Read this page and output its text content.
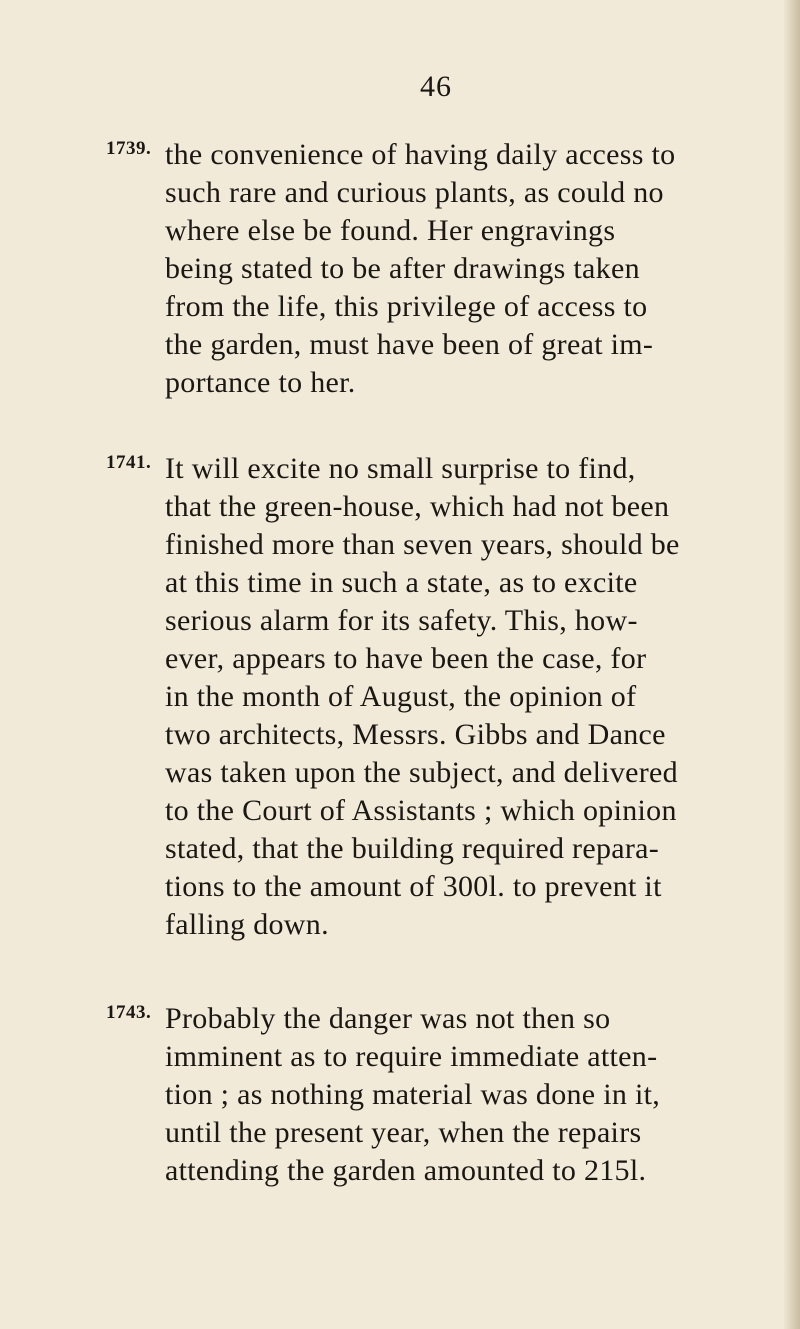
46
1739. the convenience of having daily access to
such rare and curious plants, as could no
where else be found. Her engravings
being stated to be after drawings taken
from the life, this privilege of access to
the garden, must have been of great im-
portance to her.
1741. It will excite no small surprise to find,
that the green-house, which had not been
finished more than seven years, should be
at this time in such a state, as to excite
serious alarm for its safety. This, how-
ever, appears to have been the case, for
in the month of August, the opinion of
two architects, Messrs. Gibbs and Dance
was taken upon the subject, and delivered
to the Court of Assistants ; which opinion
stated, that the building required repara-
tions to the amount of 300l. to prevent it
falling down.
1743. Probably the danger was not then so
imminent as to require immediate atten-
tion ; as nothing material was done in it,
until the present year, when the repairs
attending the garden amounted to 215l.
